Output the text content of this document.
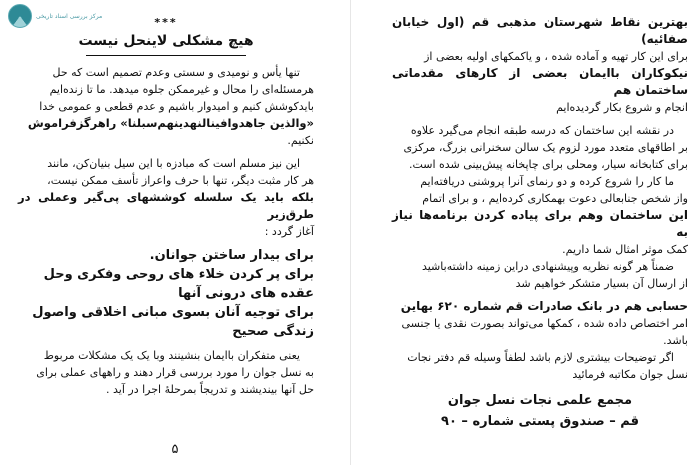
مرکز بررسی اسناد تاریخی	***
هیچ مشکلی لاینحل نیست

تنها یأس و نومیدی و سستی وعدم تصمیم است که حل

هرمسئله‌ای را محال و غیرممکن جلوه میدهد. ما تا زنده‌ایم

بایدکوشش کنیم و امیدوار باشیم و عدم قطعی و عمومی خدا

«والذین جاهدوافینالنهدینهم‌سبلنا» راهرگزفراموش

نکنیم.

این نیز مسلم است که مبادزه با این سیل بنیان‌کن، مانند

هر کار مثبت دیگر، تنها با حرف واعراز تأسف ممکن نیست،

بلکه باید یک سلسله کوششهای پی‌گیر وعملی در طرق‌زیر

آغاز گردد :

برای بیدار ساختن جوانان.

برای پر کردن خلاء های روحی وفکری وحل

عقده های درونی آنها

برای توجیه آنان بسوی مبانی اخلاقی واصول

زندگی صحیح

یعنی متفکران باایمان بنشینند وبا یک یک مشکلات مربوط

به نسل جوان را مورد بررسی قرار دهند و راههای عملی برای

حل آنها بیندیشند و تدریجاً بمرحلهٔ اجرا در آید .

۵

بهترین نقاط شهرستان مذهبی قم (اول خیابان صفائیه)

برای این کار تهیه و آماده شده ، و یاکمکهای اولیه بعضی از

نیکوکاران باایمان بعضی از کارهای مقدماتی ساختمان هم

انجام و شروع بکار گردیده‌ایم

در نقشه این ساختمان که درسه طبقه انجام می‌گیرد علاوه

بر اطاقهای متعدد مورد لزوم یک سالن سخنرانی بزرگ، مرکزی

برای کتابخانه سیار، ومحلی برای چاپخانه پیش‌بینی شده است.

ما کار را شروع کرده و دو رنمای آنرا پروشنی دریافته‌ایم

واز شخص جنابعالی دعوت بهمکاری کرده‌ایم ، و برای اتمام

این ساختمان وهم برای پیاده کردن برنامه‌ها نیاز به

کمک موثر امثال شما داریم.

ضمناً هر گونه نظریه وپیشنهادی دراین زمینه داشته‌باشید

از ارسال آن بسیار متشکر خواهیم شد

حسابی هم در بانک صادرات قم شماره ۶۲۰ بهاین

امر اختصاص داده شده ، کمکها می‌تواند بصورت نقدی یا جنسی

باشد.

اگر توضیحات بیشتری لازم باشد لطفاً وسیله قم دفتر نجات

نسل جوان مکاتبه فرمائید

مجمع علمی نجات نسل جوان
قم – صندوق پستی شماره – ۹۰
